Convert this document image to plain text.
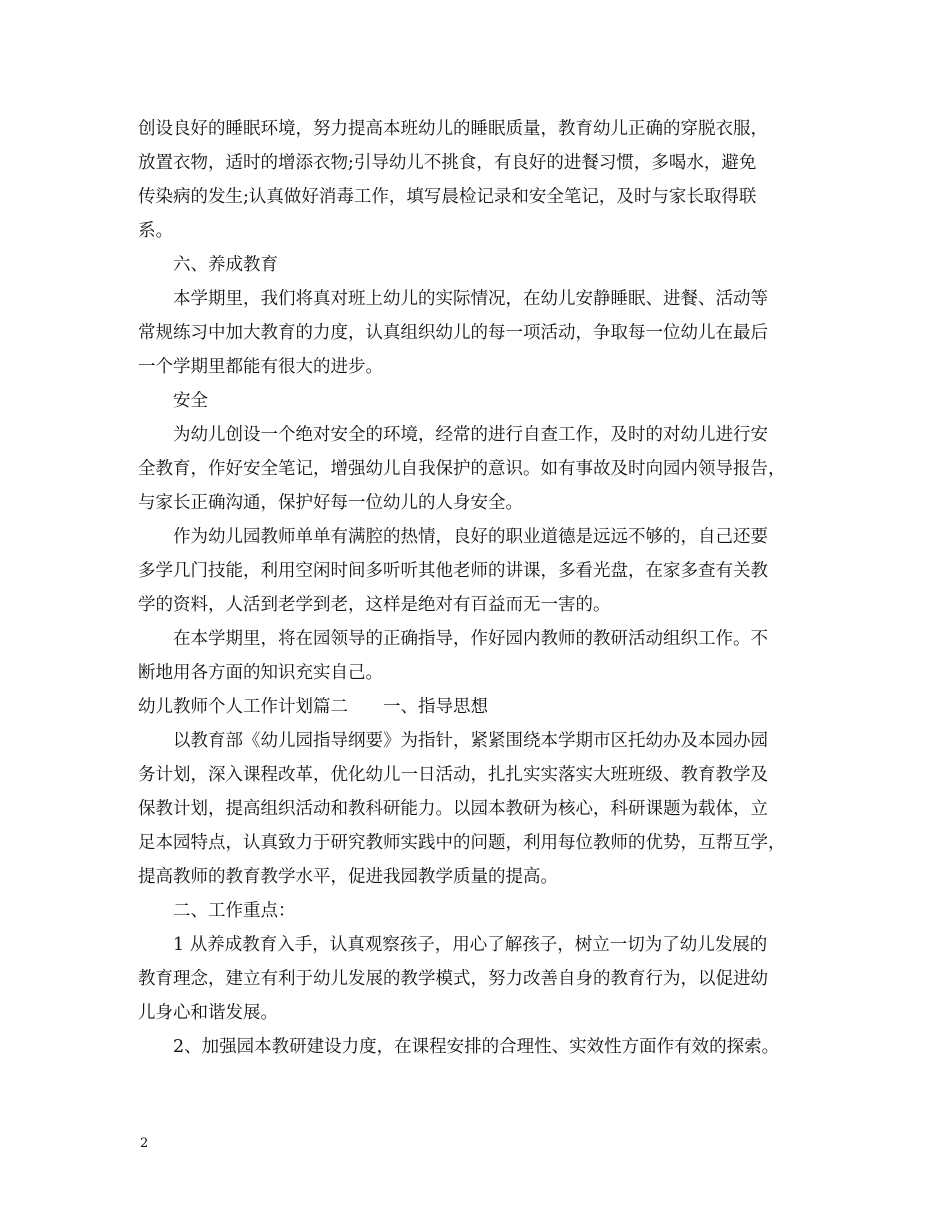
创设良好的睡眠环境，努力提高本班幼儿的睡眠质量，教育幼儿正确的穿脱衣服，
放置衣物，适时的增添衣物;引导幼儿不挑食，有良好的进餐习惯，多喝水，避免
传染病的发生;认真做好消毒工作，填写晨检记录和安全笔记，及时与家长取得联
系。
六、养成教育
本学期里，我们将真对班上幼儿的实际情况，在幼儿安静睡眠、进餐、活动等
常规练习中加大教育的力度，认真组织幼儿的每一项活动，争取每一位幼儿在最后
一个学期里都能有很大的进步。
安全
为幼儿创设一个绝对安全的环境，经常的进行自查工作，及时的对幼儿进行安
全教育，作好安全笔记，增强幼儿自我保护的意识。如有事故及时向园内领导报告，
与家长正确沟通，保护好每一位幼儿的人身安全。
作为幼儿园教师单单有满腔的热情，良好的职业道德是远远不够的，自己还要
多学几门技能，利用空闲时间多听听其他老师的讲课，多看光盘，在家多查有关教
学的资料，人活到老学到老，这样是绝对有百益而无一害的。
在本学期里，将在园领导的正确指导，作好园内教师的教研活动组织工作。不
断地用各方面的知识充实自己。
幼儿教师个人工作计划篇二　　一、指导思想
以教育部《幼儿园指导纲要》为指针，紧紧围绕本学期市区托幼办及本园办园
务计划，深入课程改革，优化幼儿一日活动，扎扎实实落实大班班级、教育教学及
保教计划，提高组织活动和教科研能力。以园本教研为核心，科研课题为载体，立
足本园特点，认真致力于研究教师实践中的问题，利用每位教师的优势，互帮互学，
提高教师的教育教学水平，促进我园教学质量的提高。
二、工作重点：
1 从养成教育入手，认真观察孩子，用心了解孩子，树立一切为了幼儿发展的
教育理念，建立有利于幼儿发展的教学模式，努力改善自身的教育行为，以促进幼
儿身心和谐发展。
2、加强园本教研建设力度，在课程安排的合理性、实效性方面作有效的探索。
2
